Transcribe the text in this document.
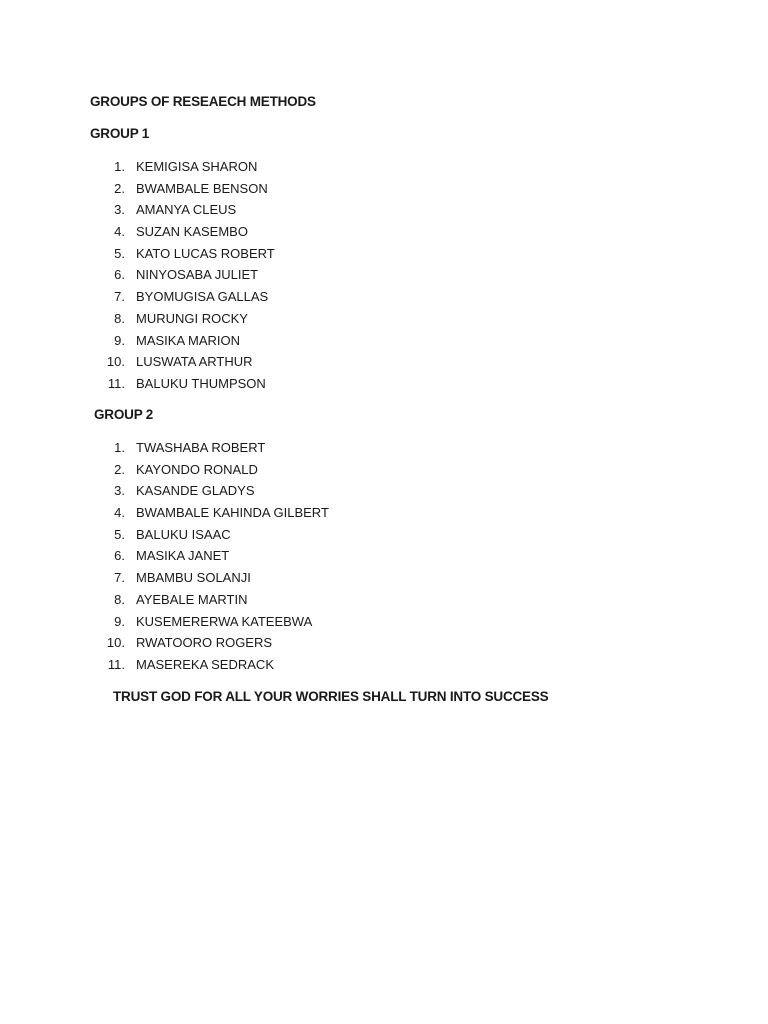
GROUPS OF RESEAECH METHODS
GROUP 1
1. KEMIGISA SHARON
2. BWAMBALE BENSON
3. AMANYA CLEUS
4. SUZAN KASEMBO
5. KATO LUCAS ROBERT
6. NINYOSABA JULIET
7. BYOMUGISA GALLAS
8. MURUNGI ROCKY
9. MASIKA MARION
10. LUSWATA ARTHUR
11. BALUKU THUMPSON
GROUP 2
1. TWASHABA ROBERT
2. KAYONDO RONALD
3. KASANDE GLADYS
4. BWAMBALE KAHINDA GILBERT
5. BALUKU ISAAC
6. MASIKA JANET
7. MBAMBU SOLANJI
8. AYEBALE MARTIN
9. KUSEMERERWA KATEEBWA
10. RWATOORO ROGERS
11. MASEREKA SEDRACK

TRUST GOD FOR ALL YOUR WORRIES SHALL TURN INTO SUCCESS
